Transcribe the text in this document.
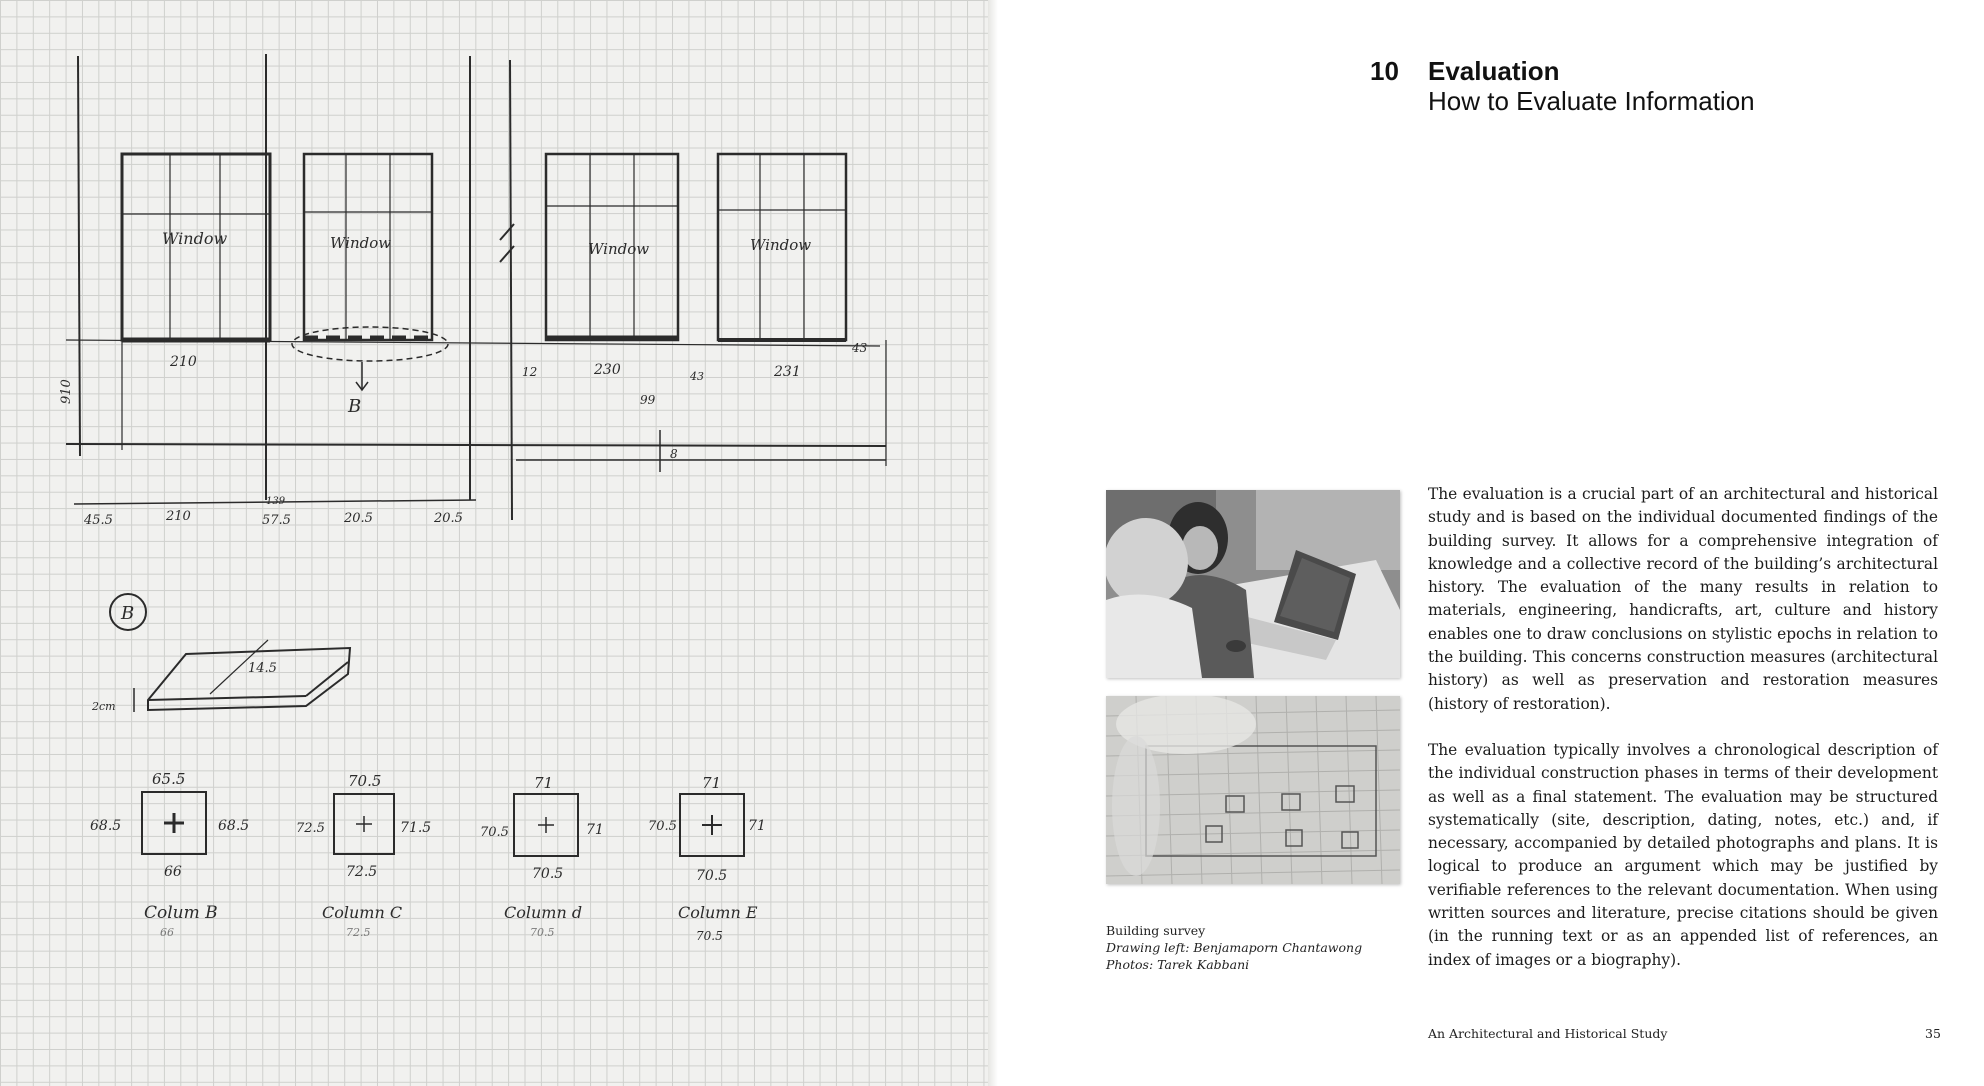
Window	Window	Window	Window
210	230	231
12	43
43
99
8
910
B
45.5	210	57.5	20.5	20.5
139
B
14.5
2cm
65.5
68.5	68.5
66
Colum B
66
70.5
72.5	71.5
72.5
Column C
72.5
71
70.5	71
70.5
Column d
70.5
71
70.5	71
70.5
Column E
70.5
10 Evaluation
How to Evaluate Information
Building survey
Drawing left: Benjamaporn Chantawong
Photos: Tarek Kabbani

The evaluation is a crucial part of an architectural and historical study and is based on the individual documented findings of the building survey. It allows for a comprehensive integration of knowledge and a collective record of the building’s architectural history. The evaluation of the many results in relation to materials, engineering, handicrafts, art, culture and history enables one to draw conclusions on stylistic epochs in relation to the building. This concerns construction measures (architectural history) as well as preservation and restoration measures (history of restoration).

The evaluation typically involves a chronological description of the individual construction phases in terms of their development as well as a final statement. The evaluation may be structured systematically (site, description, dating, notes, etc.) and, if necessary, accompanied by detailed photographs and plans. It is logical to produce an argument which may be justified by verifiable references to the relevant documentation. When using written sources and literature, precise citations should be given (in the running text or as an appended list of references, an index of images or a biography).

An Architectural and Historical Study	35
